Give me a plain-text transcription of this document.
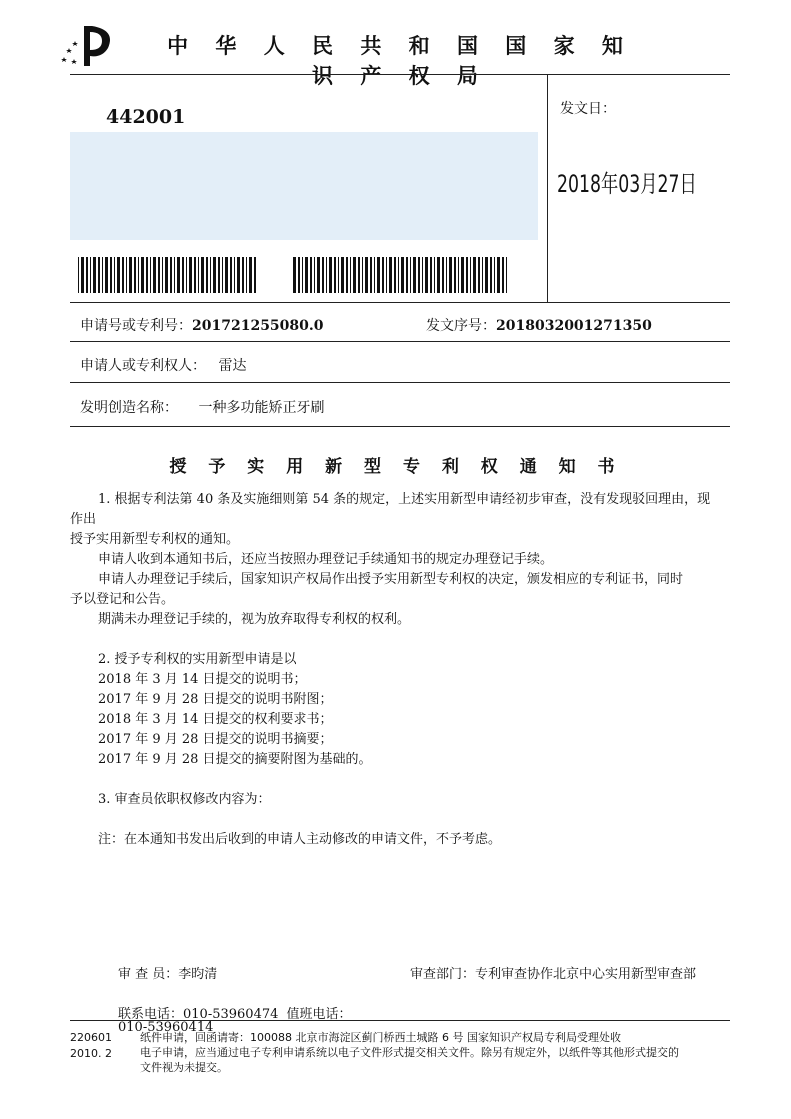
中 华 人 民 共 和 国 国 家 知 识 产 权 局
442001	发文日：
2018年03月27日
申请号或专利号：201721255080.0	发文序号：2018032001271350
申请人或专利权人： 雷达
发明创造名称： 一种多功能矫正牙刷
授 予 实 用 新 型 专 利 权 通 知 书

1. 根据专利法第 40 条及实施细则第 54 条的规定，上述实用新型申请经初步审查，没有发现驳回理由，现作出

授予实用新型专利权的通知。

申请人收到本通知书后，还应当按照办理登记手续通知书的规定办理登记手续。

申请人办理登记手续后，国家知识产权局作出授予实用新型专利权的决定，颁发相应的专利证书，同时

予以登记和公告。

期满未办理登记手续的，视为放弃取得专利权的权利。

2. 授予专利权的实用新型申请是以

2018 年 3 月 14 日提交的说明书；

2017 年 9 月 28 日提交的说明书附图；

2018 年 3 月 14 日提交的权利要求书；

2017 年 9 月 28 日提交的说明书摘要；

2017 年 9 月 28 日提交的摘要附图为基础的。

3. 审查员依职权修改内容为：

注：在本通知书发出后收到的申请人主动修改的申请文件，不予考虑。

审 查 员：李昀清	审查部门：专利审查协作北京中心实用新型审查部
联系电话：010-53960474 值班电话：
010-53960414
220601
2010. 2
纸件申请，回函请寄：100088 北京市海淀区蓟门桥西土城路 6 号 国家知识产权局专利局受理处收
电子申请，应当通过电子专利申请系统以电子文件形式提交相关文件。除另有规定外，以纸件等其他形式提交的
文件视为未提交。
